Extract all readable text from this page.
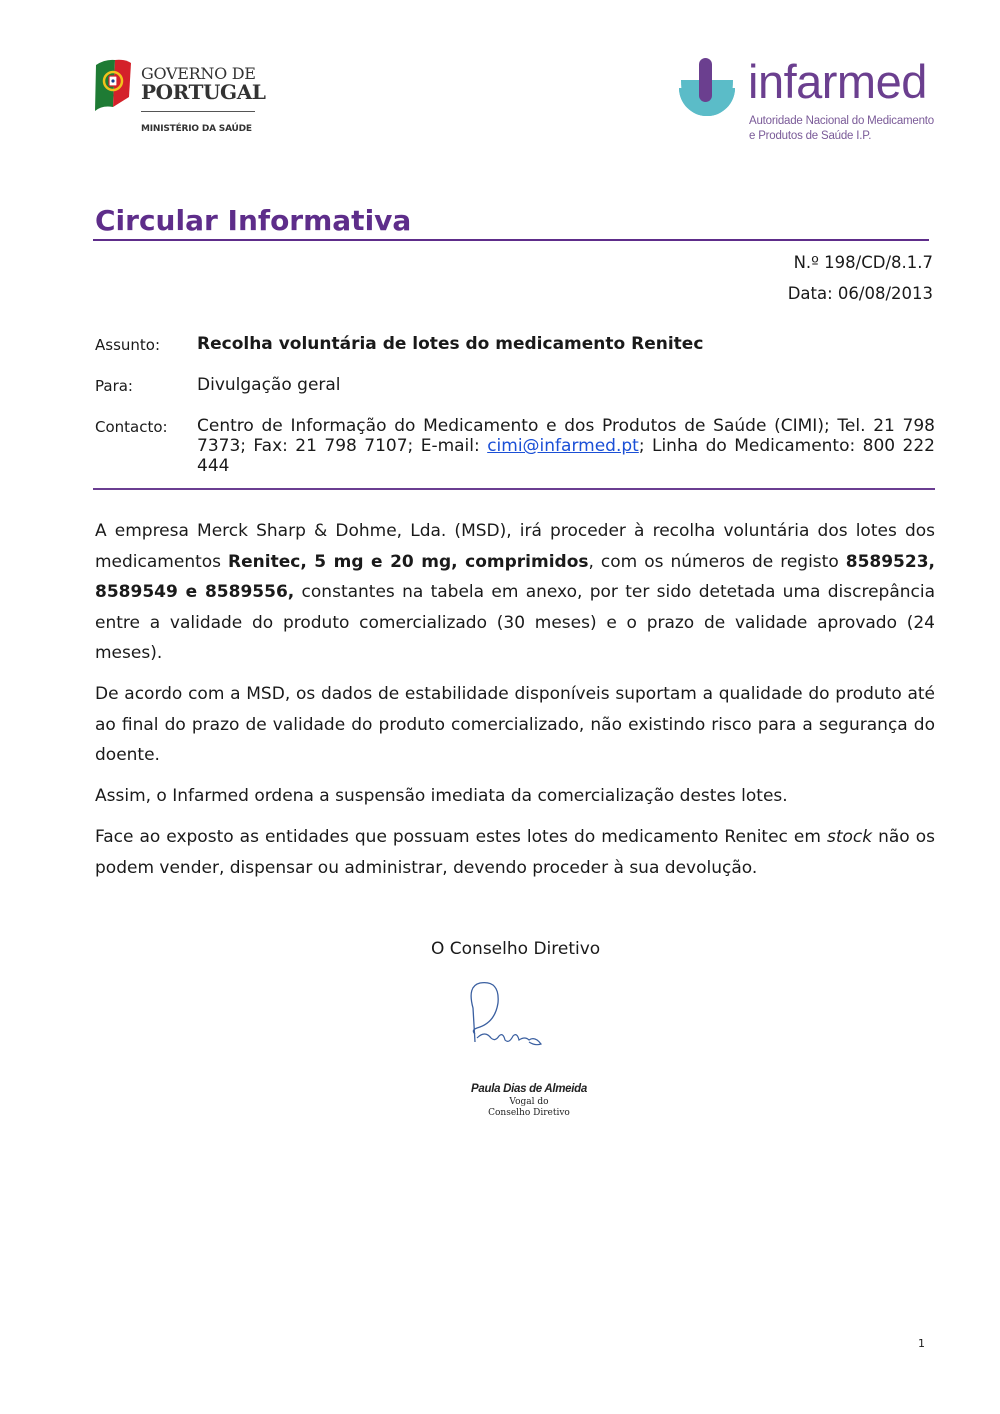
GOVERNO DE
PORTUGAL
MINISTÉRIO DA SAÚDE
infarmed
Autoridade Nacional do Medicamento
e Produtos de Saúde I.P.
Circular Informativa
N.º 198/CD/8.1.7
Data: 06/08/2013
Assunto: Recolha voluntária de lotes do medicamento Renitec
Para:	Divulgação geral
Contacto: Centro de Informação do Medicamento e dos Produtos de Saúde (CIMI); Tel. 21 798 7373; Fax: 21 798 7107; E-mail: cimi@infarmed.pt; Linha do Medicamento: 800 222 444

A empresa Merck Sharp & Dohme, Lda. (MSD), irá proceder à recolha voluntária dos lotes dos medicamentos Renitec, 5 mg e 20 mg, comprimidos, com os números de registo 8589523, 8589549 e 8589556, constantes na tabela em anexo, por ter sido detetada uma discrepância entre a validade do produto comercializado (30 meses) e o prazo de validade aprovado (24 meses).

De acordo com a MSD, os dados de estabilidade disponíveis suportam a qualidade do produto até ao final do prazo de validade do produto comercializado, não existindo risco para a segurança do doente.

Assim, o Infarmed ordena a suspensão imediata da comercialização destes lotes.

Face ao exposto as entidades que possuam estes lotes do medicamento Renitec em stock não os podem vender, dispensar ou administrar, devendo proceder à sua devolução.

O Conselho Diretivo
Paula Dias de Almeida
Vogal do
Conselho Diretivo
1
